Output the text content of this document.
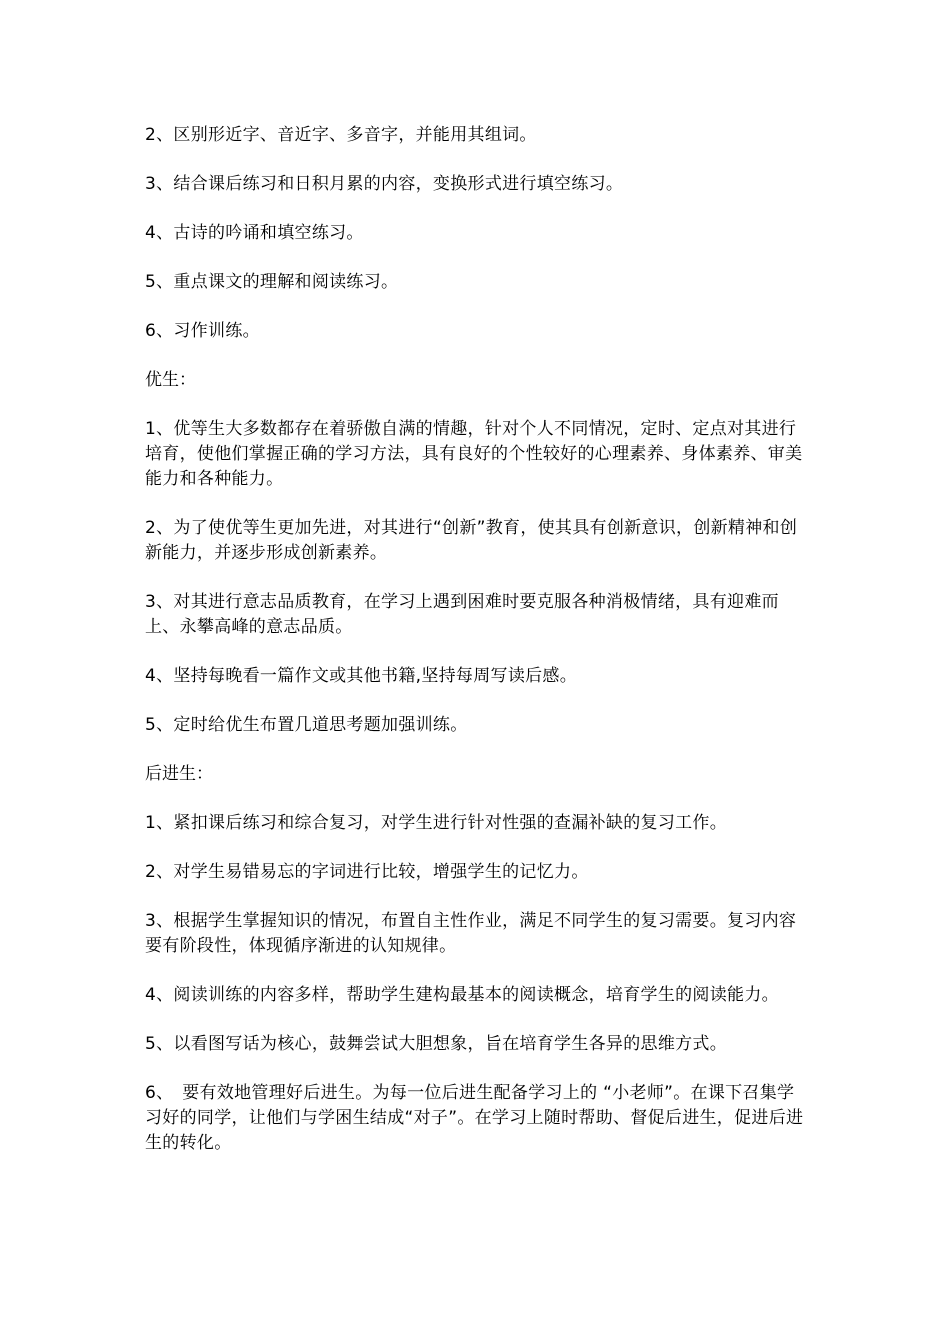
2、区别形近字、音近字、多音字，并能用其组词。

3、结合课后练习和日积月累的内容，变换形式进行填空练习。

4、古诗的吟诵和填空练习。

5、重点课文的理解和阅读练习。

6、习作训练。

优生：

1、优等生大多数都存在着骄傲自满的情趣，针对个人不同情况，定时、定点对其进行培育，使他们掌握正确的学习方法，具有良好的个性较好的心理素养、身体素养、审美能力和各种能力。

2、为了使优等生更加先进，对其进行“创新”教育，使其具有创新意识，创新精神和创新能力，并逐步形成创新素养。

3、对其进行意志品质教育，在学习上遇到困难时要克服各种消极情绪，具有迎难而上、永攀高峰的意志品质。

4、坚持每晚看一篇作文或其他书籍,坚持每周写读后感。

5、定时给优生布置几道思考题加强训练。

后进生：

1、紧扣课后练习和综合复习，对学生进行针对性强的查漏补缺的复习工作。

2、对学生易错易忘的字词进行比较，增强学生的记忆力。

3、根据学生掌握知识的情况，布置自主性作业，满足不同学生的复习需要。复习内容要有阶段性，体现循序渐进的认知规律。

4、阅读训练的内容多样，帮助学生建构最基本的阅读概念，培育学生的阅读能力。

5、以看图写话为核心，鼓舞尝试大胆想象，旨在培育学生各异的思维方式。

6、　要有效地管理好后进生。为每一位后进生配备学习上的 “小老师”。在课下召集学习好的同学，让他们与学困生结成“对子”。在学习上随时帮助、督促后进生，促进后进生的转化。
